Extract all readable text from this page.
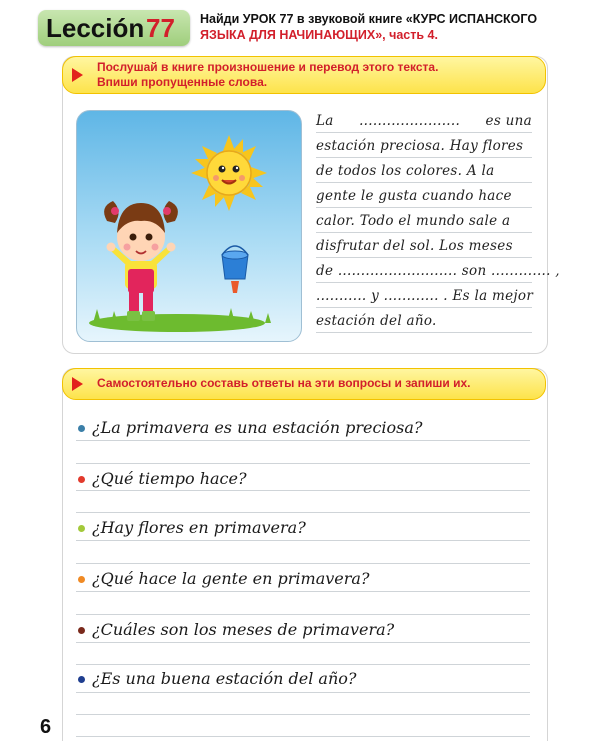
Lección 77 Найди УРОК 77 в звуковой книге «КУРС ИСПАНСКОГО
ЯЗЫКА ДЛЯ НАЧИНАЮЩИХ», часть 4.
Послушай в книге произношение и перевод этого текста.
Впиши пропущенные слова.
La ...................... es una
estación preciosa. Hay flores
de todos los colores. A la
gente le gusta cuando hace
calor. Todo el mundo sale a
disfrutar del sol. Los meses
de .......................... son ............. ,
........... y ............ . Es la mejor
estación del año.
Самостоятельно составь ответы на эти вопросы и запиши их.
¿La primavera es una estación preciosa?
¿Qué tiempo hace?
¿Hay flores en primavera?
¿Qué hace la gente en primavera?
¿Cuáles son los meses de primavera?
¿Es una buena estación del año?
6
